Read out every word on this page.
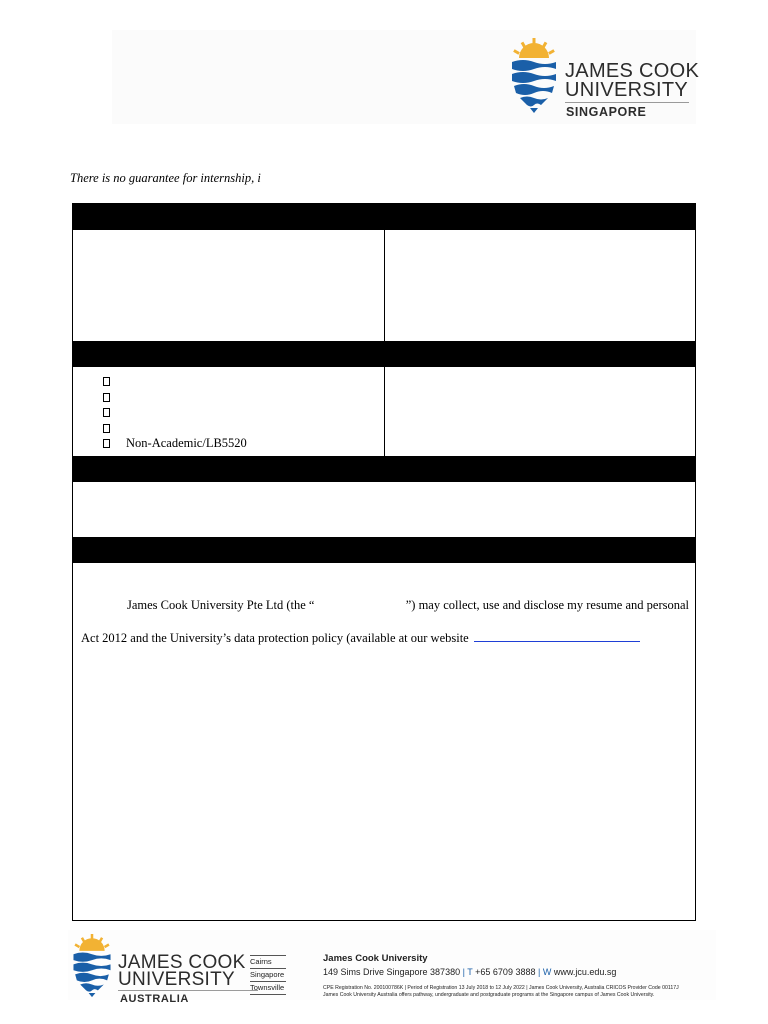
JAMES COOK
UNIVERSITY
SINGAPORE
There is no guarantee for internship, i
Non-Academic/LB5520
James Cook University Pte Ltd (the “	”) may collect, use and disclose my resume and personal
Act 2012 and the University’s data protection policy (available at our website
JAMES COOK
UNIVERSITY
AUSTRALIA
Cairns
Singapore
Townsville
James Cook University
149 Sims Drive Singapore 387380 | T +65 6709 3888 | W www.jcu.edu.sg
CPE Registration No. 200100786K | Period of Registration 13 July 2018 to 12 July 2022 | James Cook University, Australia CRICOS Provider Code 00117J
James Cook University Australia offers pathway, undergraduate and postgraduate programs at the Singapore campus of James Cook University.
